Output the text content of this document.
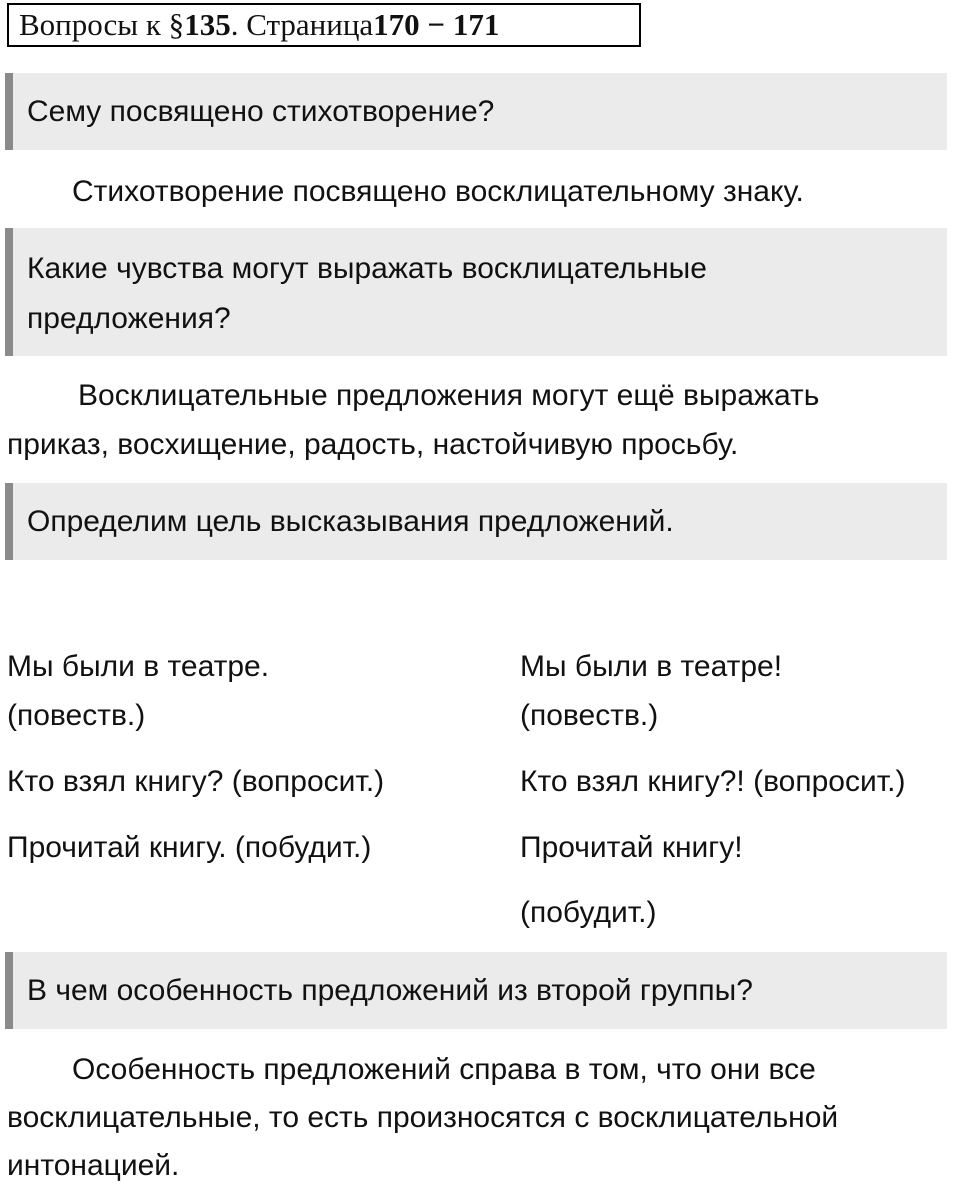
Вопросы к § 135 . Страница 170 − 171
Сему посвящено стихотворение?
Стихотворение посвящено восклицательному знаку.
Какие чувства могут выражать восклицательные
предложения?
Восклицательные предложения могут ещё выражать
приказ, восхищение, радость, настойчивую просьбу.
Определим цель высказывания предложений.
Мы были в театре.
(повеств.)
Кто взял книгу? (вопросит.)
Прочитай книгу. (побудит.)
Мы были в театре!
(повеств.)
Кто взял книгу?! (вопросит.)
Прочитай книгу!
(побудит.)
В чем особенность предложений из второй группы?
Особенность предложений справа в том, что они все
восклицательные, то есть произносятся с восклицательной
интонацией.
